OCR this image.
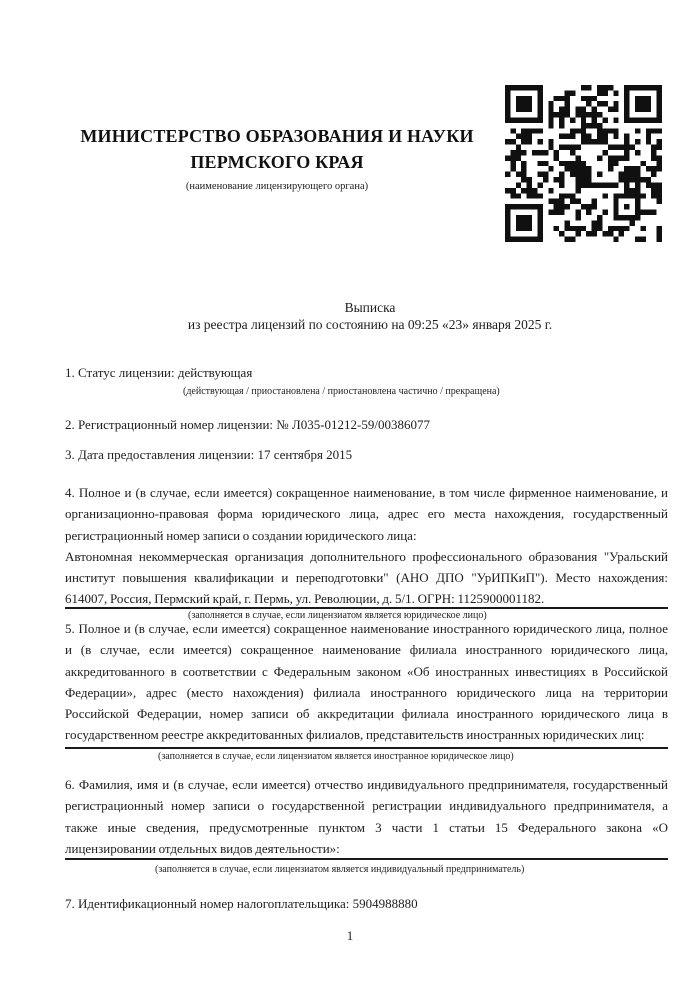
МИНИСТЕРСТВО ОБРАЗОВАНИЯ И НАУКИ ПЕРМСКОГО КРАЯ
(наименование лицензирующего органа)
Выписка
из реестра лицензий по состоянию на 09:25 «23» января 2025 г.
1. Статус лицензии: действующая
(действующая / приостановлена / приостановлена частично / прекращена)
2. Регистрационный номер лицензии: № Л035-01212-59/00386077
3. Дата предоставления лицензии: 17 сентября 2015
4. Полное и (в случае, если имеется) сокращенное наименование, в том числе фирменное наименование, и
организационно-правовая форма юридического лица, адрес его места нахождения, государственный
регистрационный номер записи о создании юридического лица:
Автономная некоммерческая организация дополнительного профессионального образования "Уральский
институт повышения квалификации и переподготовки" (АНО ДПО "УрИПКиП"). Место нахождения:
614007, Россия, Пермский край, г. Пермь, ул. Революции, д. 5/1. ОГРН: 1125900001182.
(заполняется в случае, если лицензиатом является юридическое лицо)
5. Полное и (в случае, если имеется) сокращенное наименование иностранного юридического лица, полное
и (в случае, если имеется) сокращенное наименование филиала иностранного юридического лица,
аккредитованного в соответствии с Федеральным законом «Об иностранных инвестициях в Российской
Федерации», адрес (место нахождения) филиала иностранного юридического лица на территории
Российской Федерации, номер записи об аккредитации филиала иностранного юридического лица в
государственном реестре аккредитованных филиалов, представительств иностранных юридических лиц:
(заполняется в случае, если лицензиатом является иностранное юридическое лицо)
6. Фамилия, имя и (в случае, если имеется) отчество индивидуального предпринимателя, государственный
регистрационный номер записи о государственной регистрации индивидуального предпринимателя, а
также иные сведения, предусмотренные пунктом 3 части 1 статьи 15 Федерального закона «О
лицензировании отдельных видов деятельности»:
(заполняется в случае, если лицензиатом является индивидуальный предприниматель)
7. Идентификационный номер налогоплательщика: 5904988880
1
